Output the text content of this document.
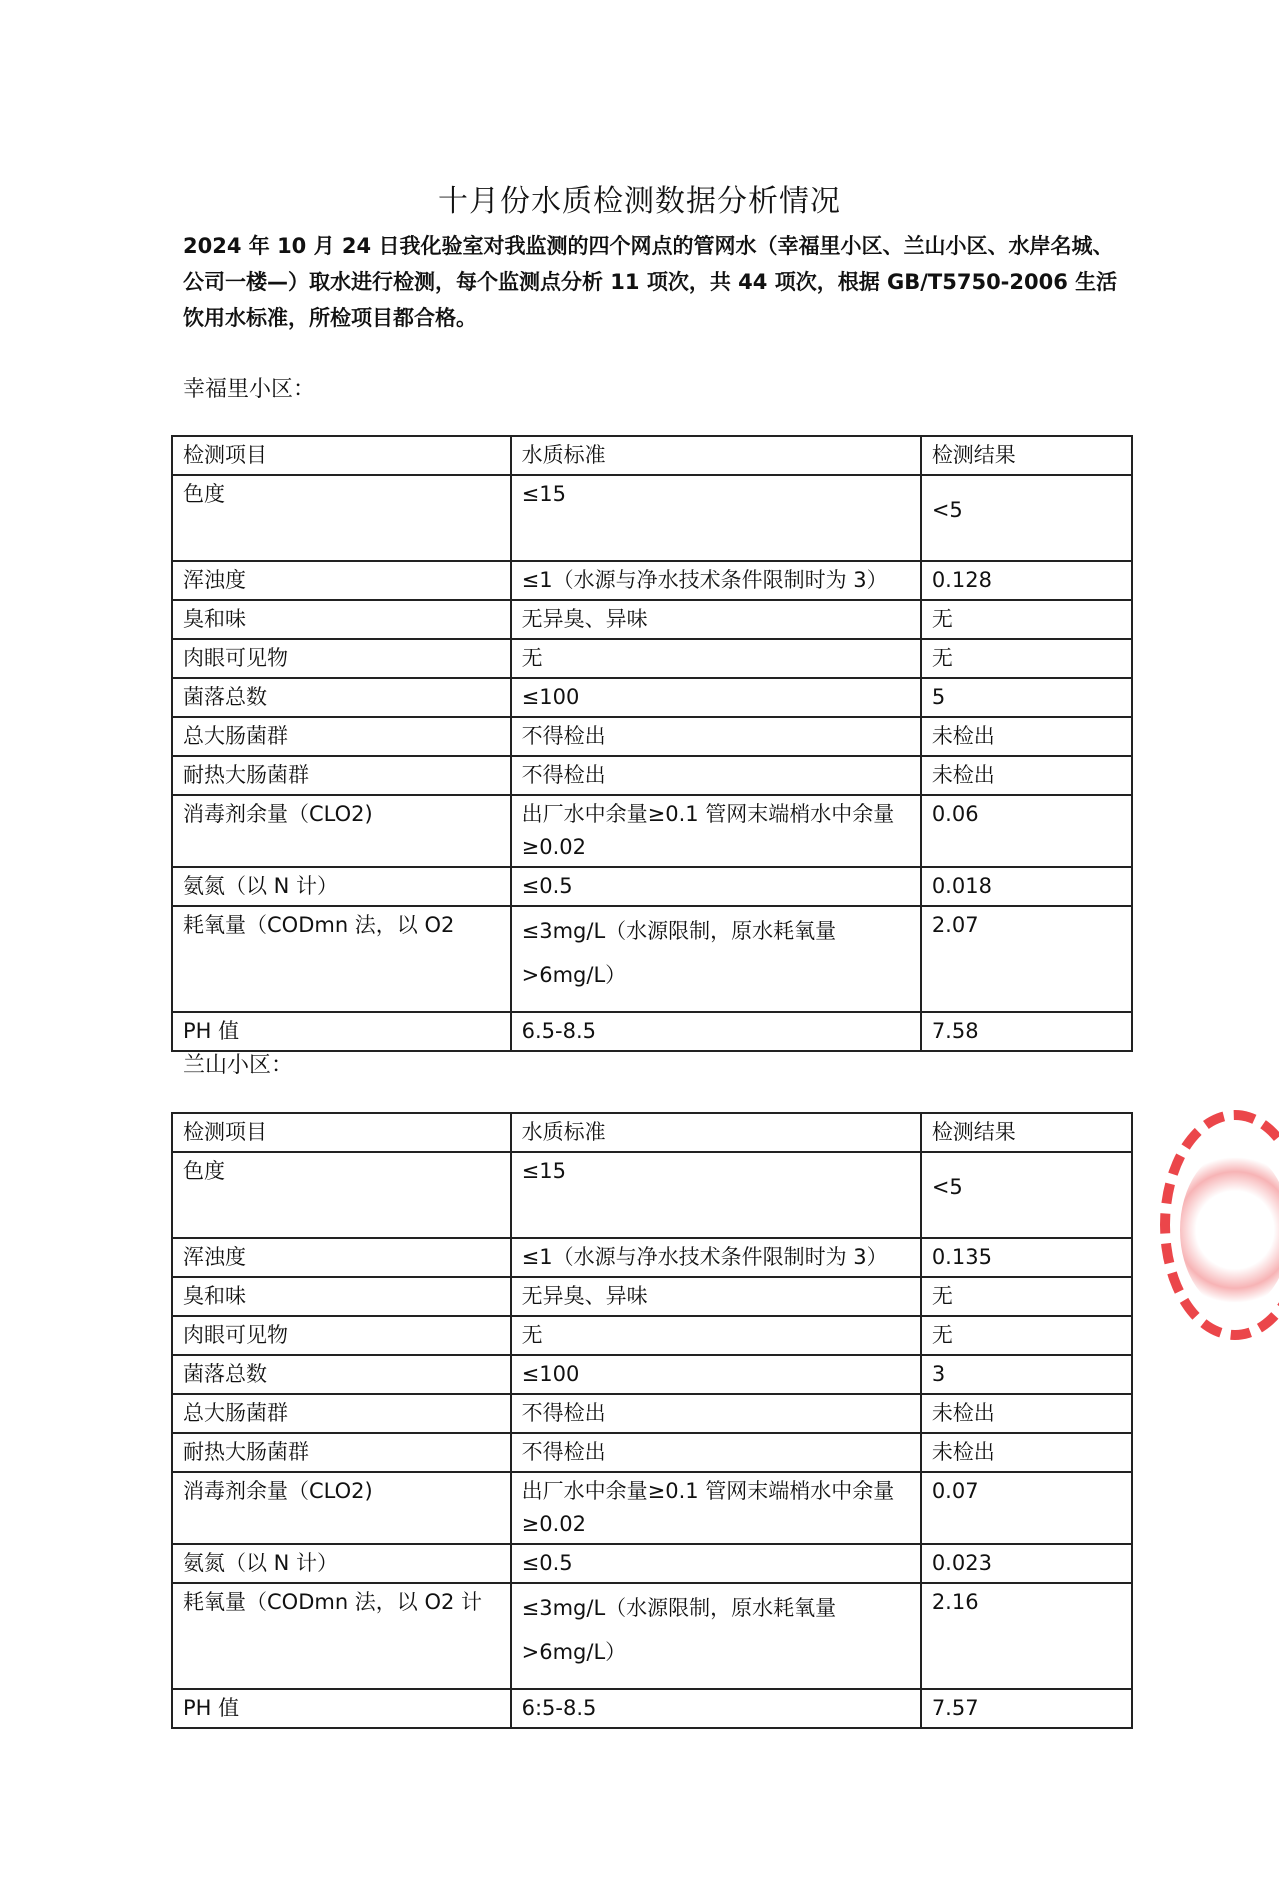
十月份水质检测数据分析情况
2024 年 10 月 24 日我化验室对我监测的四个网点的管网水（幸福里小区、兰山小区、水岸名城、公司一楼—）取水进行检测，每个监测点分析 11 项次，共 44 项次，根据 GB/T5750-2006 生活饮用水标准，所检项目都合格。
幸福里小区：
检测项目	水质标准	检测结果
色度	≤15	<5
浑浊度	≤1（水源与净水技术条件限制时为 3）	0.128
臭和味	无异臭、异味	无
肉眼可见物	无	无
菌落总数	≤100	5
总大肠菌群	不得检出	未检出
耐热大肠菌群	不得检出	未检出
消毒剂余量（CLO2)	出厂水中余量≥0.1 管网末端梢水中余量≥0.02	0.06
氨氮（以 N 计）	≤0.5	0.018
耗氧量（CODmn 法，以 O2	≤3mg/L（水源限制，原水耗氧量>6mg/L）	2.07
PH 值	6.5-8.5	7.58
兰山小区：
检测项目	水质标准	检测结果
色度	≤15	<5
浑浊度	≤1（水源与净水技术条件限制时为 3）	0.135
臭和味	无异臭、异味	无
肉眼可见物	无	无
菌落总数	≤100	3
总大肠菌群	不得检出	未检出
耐热大肠菌群	不得检出	未检出
消毒剂余量（CLO2)	出厂水中余量≥0.1 管网末端梢水中余量≥0.02	0.07
氨氮（以 N 计）	≤0.5	0.023
耗氧量（CODmn 法，以 O2 计	≤3mg/L（水源限制，原水耗氧量>6mg/L）	2.16
PH 值	6:5-8.5	7.57
